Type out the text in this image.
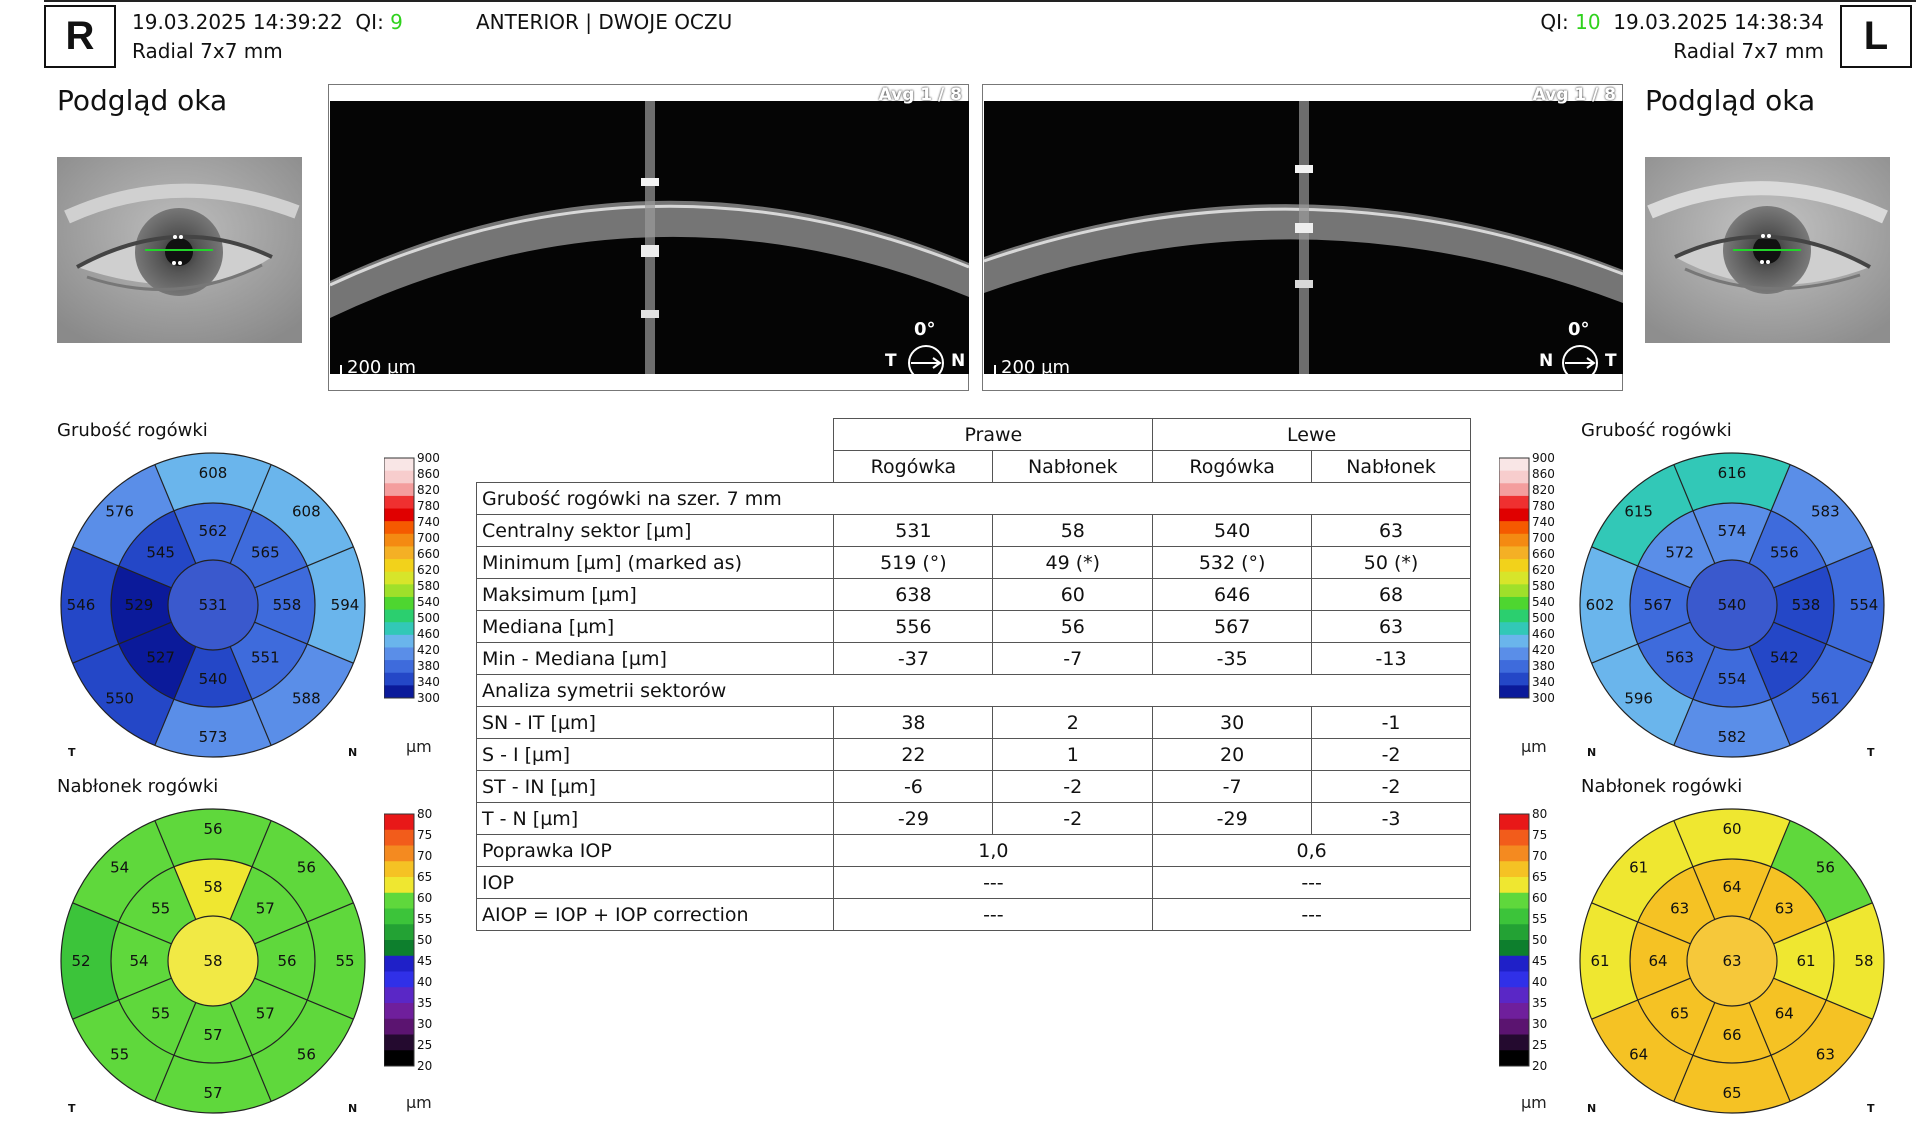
R 19.03.2025 14:39:22 QI: 9
Radial 7x7 mm
ANTERIOR | DWOJE OCZU	QI: 10 19.03.2025 14:38:34
Radial 7x7 mm L
Podgląd oka	Podgląd oka
Avg 1 / 8
200 µm
0°
T	N
Avg 1 / 8
200 µm
0°
N	T
Grubość rogówki
Nabłonek rogówki
Grubość rogówki
Nabłonek rogówki
531
562
608
565
608
558 594
551
588
540
573
527
550
529
546
545
576
T	N
58
58
56
57
56
56	55
57
56
57
57
55
55
54
52
55
54
T	N
540
574
616
556
583
538 554
542
561
554
582
563
596
567
602
572
615
N	T
63
64
60
63
56
61	58
64
63
66
65
65
64
64
61
63
61
N	T
900
860
820
780
740
700
660
620
580
540
500
460
420
380
340
300
80
75
70
65
60
55
50
45
40
35
30
25
20
900
860
820
780
740
700
660
620
580
540
500
460
420
380
340
300
80
75
70
65
60
55
50
45
40
35
30
25
20
µm
µm
µm
µm
	Prawe		Lewe	
	Rogówka	Nabłonek	Rogówka	Nabłonek
Grubość rogówki na szer. 7 mm				
Centralny sektor [µm]	531	58	540	63
Minimum [µm] (marked as)	519 (°)	49 (*)	532 (°)	50 (*)
Maksimum [µm]	638	60	646	68
Mediana [µm]	556	56	567	63
Min - Mediana [µm]	-37	-7	-35	-13
Analiza symetrii sektorów				
SN - IT [µm]	38	2	30	-1
S - I [µm]	22	1	20	-2
ST - IN [µm]	-6	-2	-7	-2
T - N [µm]	-29	-2	-29	-3
Poprawka IOP	1,0		0,6	
IOP	---		---	
AIOP = IOP + IOP correction	---		---	
